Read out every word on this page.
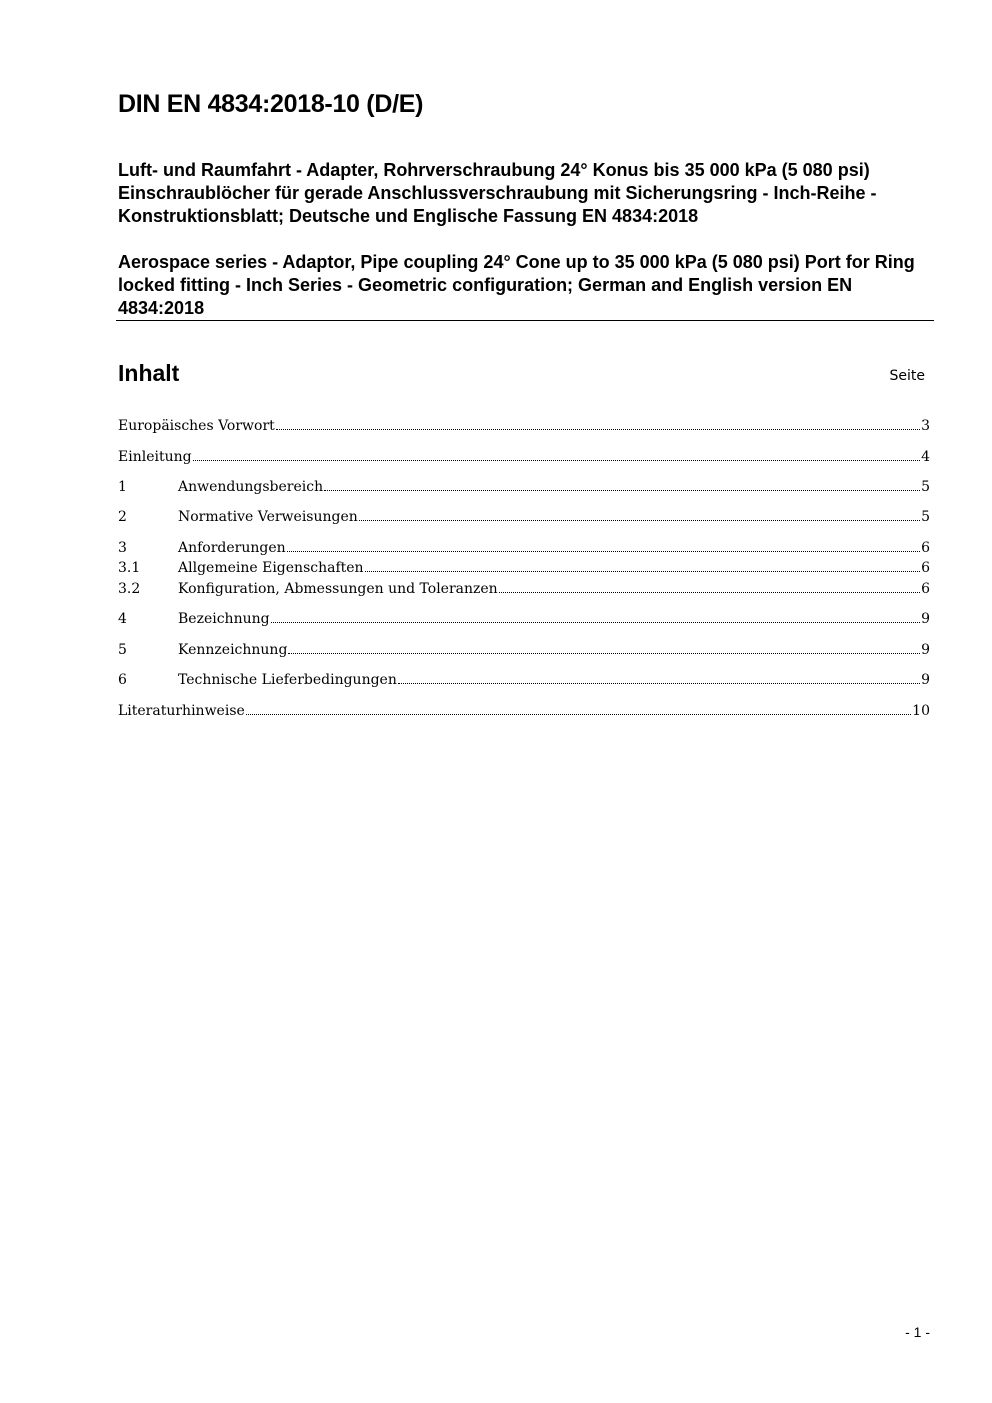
DIN EN 4834:2018-10 (D/E)

Luft- und Raumfahrt - Adapter, Rohrverschraubung 24° Konus bis 35 000 kPa (5 080 psi) Einschraublöcher für gerade Anschlussverschraubung mit Sicherungsring - Inch-Reihe - Konstruktionsblatt; Deutsche und Englische Fassung EN 4834:2018

Aerospace series - Adaptor, Pipe coupling 24° Cone up to 35 000 kPa (5 080 psi) Port for Ring locked fitting - Inch Series - Geometric configuration; German and English version EN 4834:2018

Inhalt	Seite
Europäisches Vorwort	3
Einleitung	4
1	Anwendungsbereich	5
2	Normative Verweisungen	5
3	Anforderungen	6
3.1	Allgemeine Eigenschaften	6
3.2	Konfiguration, Abmessungen und Toleranzen	6
4	Bezeichnung	9
5	Kennzeichnung	9
6	Technische Lieferbedingungen	9
Literaturhinweise	10
- 1 -
